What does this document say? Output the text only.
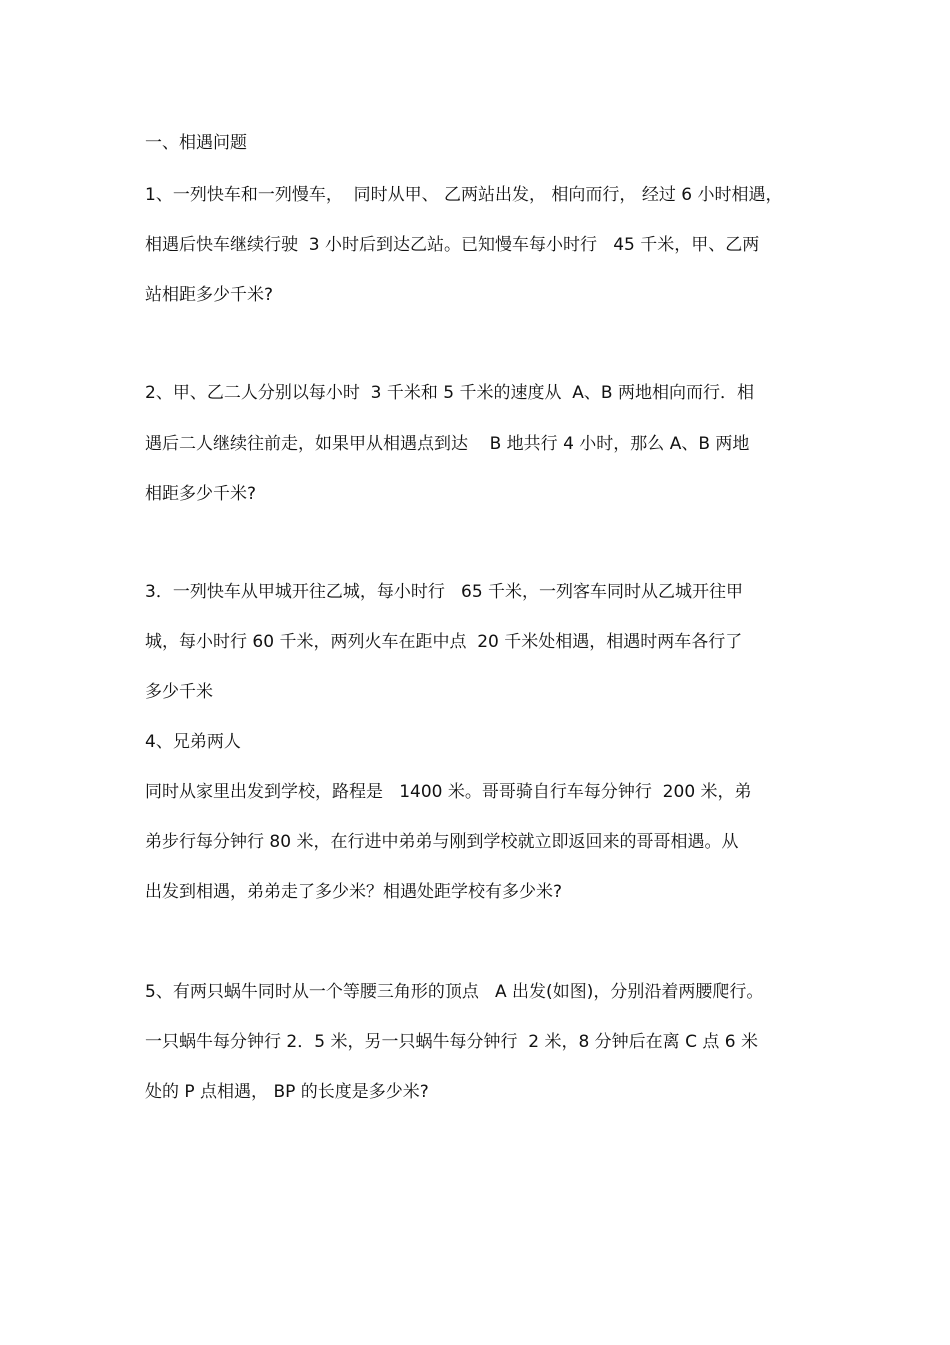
一、相遇问题

1、一列快车和一列慢车，  同时从甲、 乙两站出发， 相向而行， 经过 6 小时相遇，

相遇后快车继续行驶  3 小时后到达乙站。已知慢车每小时行   45 千米，甲、乙两

站相距多少千米?

2、甲、乙二人分别以每小时  3 千米和 5 千米的速度从  A、B 两地相向而行．相

遇后二人继续往前走，如果甲从相遇点到达    B 地共行 4 小时，那么 A、B 两地

相距多少千米?

3．一列快车从甲城开往乙城，每小时行   65 千米，一列客车同时从乙城开往甲

城，每小时行 60 千米，两列火车在距中点  20 千米处相遇，相遇时两车各行了

多少千米

4、兄弟两人

同时从家里出发到学校，路程是   1400 米。哥哥骑自行车每分钟行  200 米，弟

弟步行每分钟行 80 米，在行进中弟弟与刚到学校就立即返回来的哥哥相遇。从

出发到相遇，弟弟走了多少米？相遇处距学校有多少米?

5、有两只蜗牛同时从一个等腰三角形的顶点   A 出发(如图)，分别沿着两腰爬行。

一只蜗牛每分钟行 2．5 米，另一只蜗牛每分钟行  2 米，8 分钟后在离 C 点 6 米

处的 P 点相遇， BP 的长度是多少米?
